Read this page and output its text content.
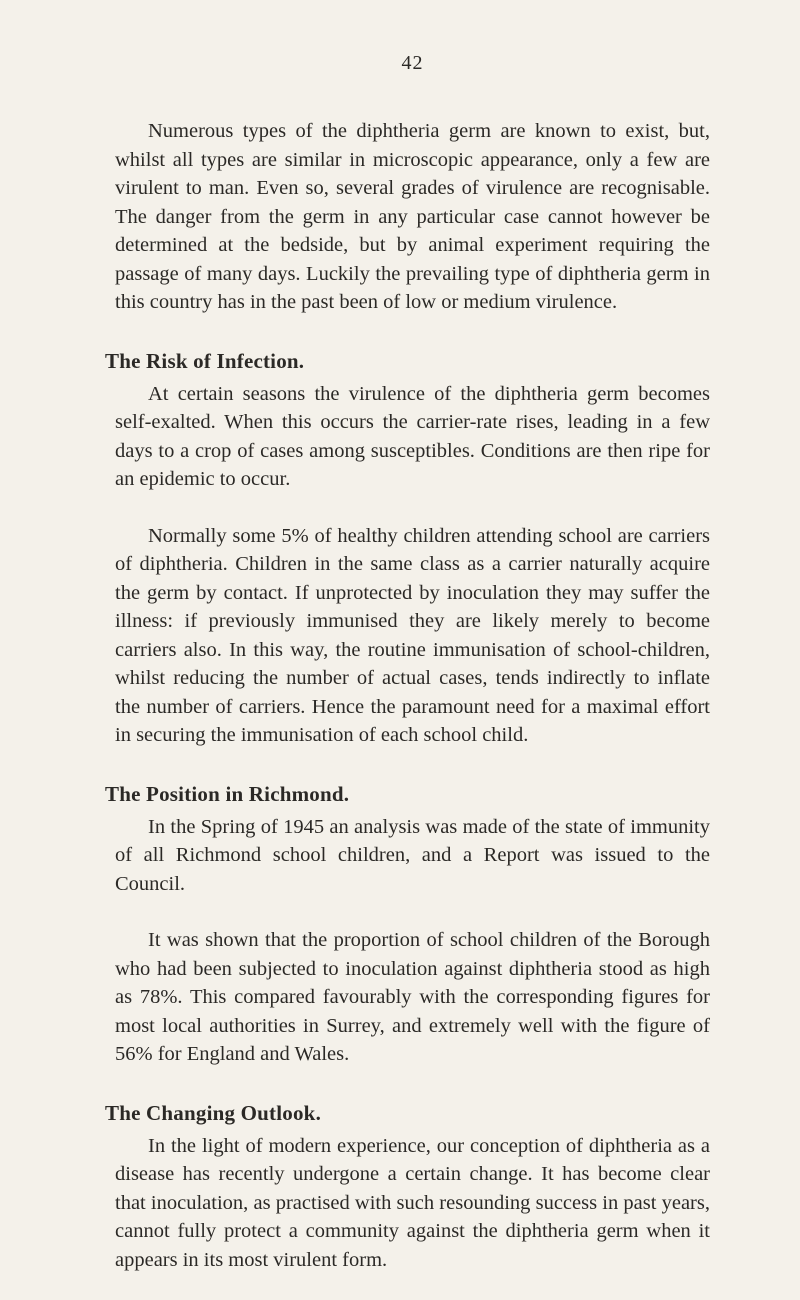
42

Numerous types of the diphtheria germ are known to exist, but, whilst all types are similar in microscopic appearance, only a few are virulent to man. Even so, several grades of virulence are recognisable. The danger from the germ in any particular case cannot however be determined at the bedside, but by animal experiment requiring the passage of many days. Luckily the prevailing type of diphtheria germ in this country has in the past been of low or medium virulence.

The Risk of Infection.

At certain seasons the virulence of the diphtheria germ becomes self-exalted. When this occurs the carrier-rate rises, leading in a few days to a crop of cases among susceptibles. Conditions are then ripe for an epidemic to occur.

Normally some 5% of healthy children attending school are carriers of diphtheria. Children in the same class as a carrier naturally acquire the germ by contact. If unprotected by inoculation they may suffer the illness: if previously immunised they are likely merely to become carriers also. In this way, the routine immunisation of school-children, whilst reducing the number of actual cases, tends indirectly to inflate the number of carriers. Hence the paramount need for a maximal effort in securing the immunisation of each school child.

The Position in Richmond.

In the Spring of 1945 an analysis was made of the state of immunity of all Richmond school children, and a Report was issued to the Council.

It was shown that the proportion of school children of the Borough who had been subjected to inoculation against diphtheria stood as high as 78%. This compared favourably with the corresponding figures for most local authorities in Surrey, and extremely well with the figure of 56% for England and Wales.

The Changing Outlook.

In the light of modern experience, our conception of diphtheria as a disease has recently undergone a certain change. It has become clear that inoculation, as practised with such resounding success in past years, cannot fully protect a community against the diphtheria germ when it appears in its most virulent form.
